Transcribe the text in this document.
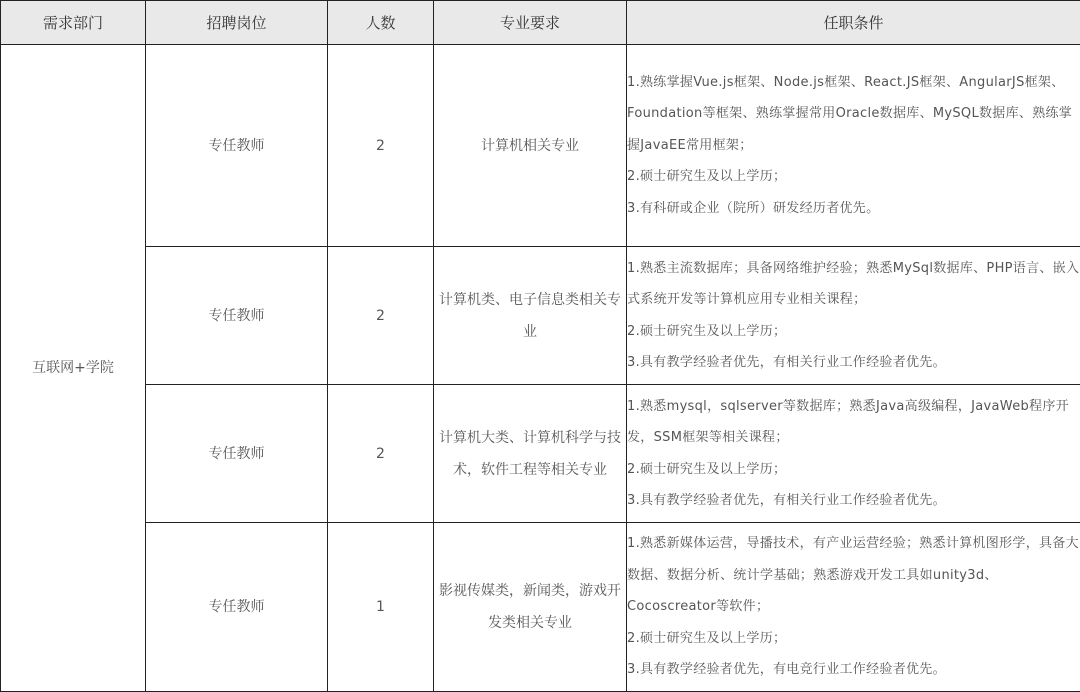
需求部门	招聘岗位	人数	专业要求	任职条件
互联网+学院	专任教师	2	计算机相关专业	1.熟练掌握Vue.js框架、Node.js框架、React.JS框架、AngularJS框架、Foundation等框架、熟练掌握常用Oracle数据库、MySQL数据库、熟练掌握JavaEE常用框架；
2.硕士研究生及以上学历；
3.有科研或企业（院所）研发经历者优先。

	专任教师	2	计算机类、电子信息类相关专业	1.熟悉主流数据库；具备网络维护经验；熟悉MySql数据库、PHP语言、嵌入式系统开发等计算机应用专业相关课程；
2.硕士研究生及以上学历；
3.具有教学经验者优先，有相关行业工作经验者优先。

	专任教师	2	计算机大类、计算机科学与技术，软件工程等相关专业	1.熟悉mysql，sqlserver等数据库；熟悉Java高级编程，JavaWeb程序开发，SSM框架等相关课程；
2.硕士研究生及以上学历；
3.具有教学经验者优先，有相关行业工作经验者优先。

	专任教师	1	影视传媒类，新闻类，游戏开发类相关专业	1.熟悉新媒体运营，导播技术，有产业运营经验；熟悉计算机图形学，具备大数据、数据分析、统计学基础；熟悉游戏开发工具如unity3d、Cocoscreator等软件；
2.硕士研究生及以上学历；
3.具有教学经验者优先，有电竞行业工作经验者优先。
